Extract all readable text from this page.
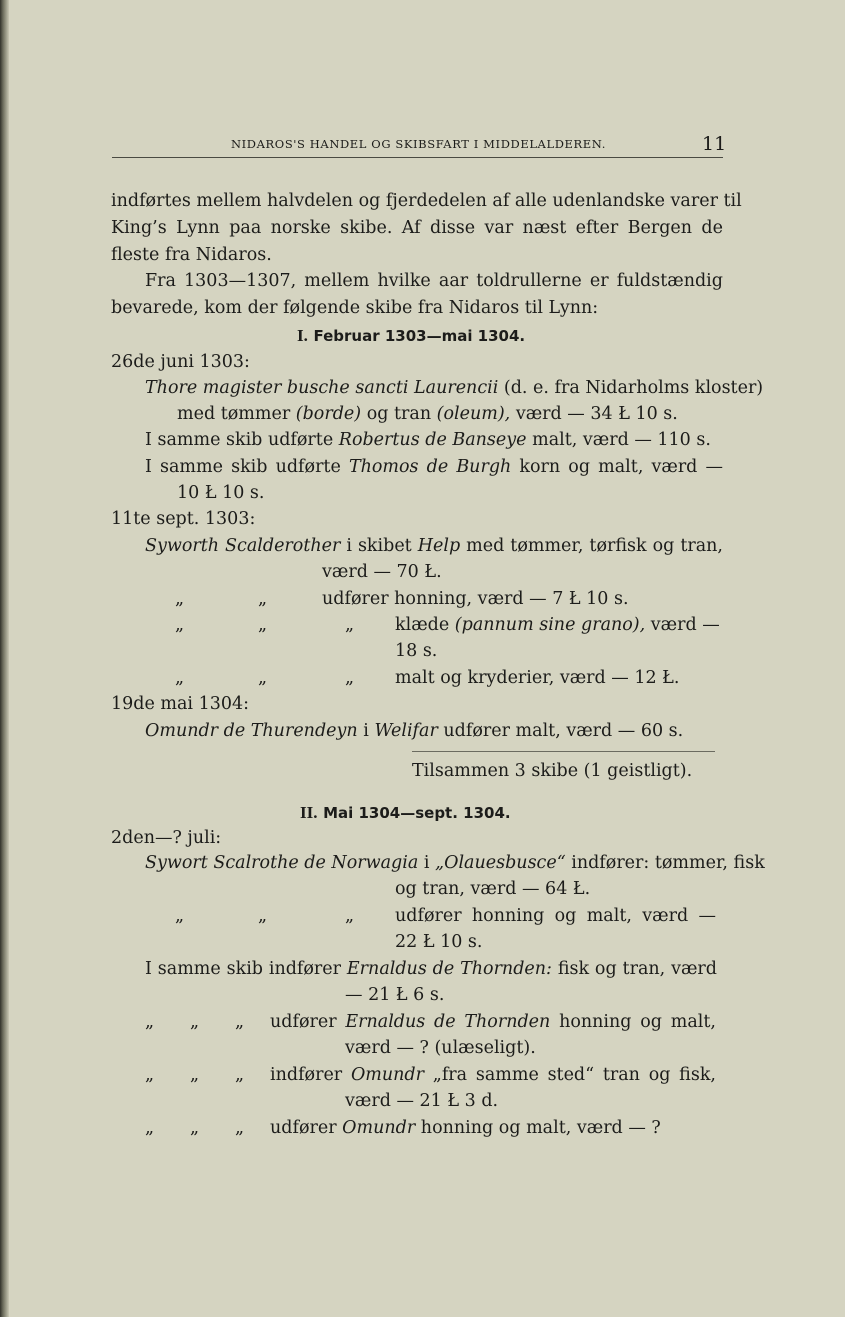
NIDAROS'S HANDEL OG SKIBSFART I MIDDELALDEREN.	11
indførtes mellem halvdelen og fjerdedelen af alle udenlandske varer til
King’s Lynn paa norske skibe. Af disse var næst efter Bergen de
fleste fra Nidaros.
Fra 1303—1307, mellem hvilke aar toldrullerne er fuldstændig
bevarede, kom der følgende skibe fra Nidaros til Lynn:
I. Februar 1303—mai 1304.
26de juni 1303:
Thore magister busche sancti Laurencii (d. e. fra Nidarholms kloster)
med tømmer (borde) og tran (oleum), værd — 34 Ł 10 s.
I samme skib udførte Robertus de Banseye malt, værd — 110 s.
I samme skib udførte Thomos de Burgh korn og malt, værd —
10 Ł 10 s.
11te sept. 1303:
Syworth Scalderother i skibet Help med tømmer, tørfisk og tran,
værd — 70 Ł.
„	„	udfører honning, værd — 7 Ł 10 s.
„	„	„ klæde (pannum sine grano), værd —
18 s.
„	„	„ malt og kryderier, værd — 12 Ł.
19de mai 1304:
Omundr de Thurendeyn i Welifar udfører malt, værd — 60 s.
Tilsammen 3 skibe (1 geistligt).
II. Mai 1304—sept. 1304.
2den—? juli:
Sywort Scalrothe de Norwagia i „Olauesbusce“ indfører: tømmer, fisk
og tran, værd — 64 Ł.
„	„	„ udfører honning og malt, værd —
22 Ł 10 s.
I samme skib indfører Ernaldus de Thornden: fisk og tran, værd
— 21 Ł 6 s.
„ „ „ udfører Ernaldus de Thornden honning og malt,
værd — ? (ulæseligt).
„ „ „ indfører Omundr „fra samme sted“ tran og fisk,
værd — 21 Ł 3 d.
„ „ „ udfører Omundr honning og malt, værd — ?
